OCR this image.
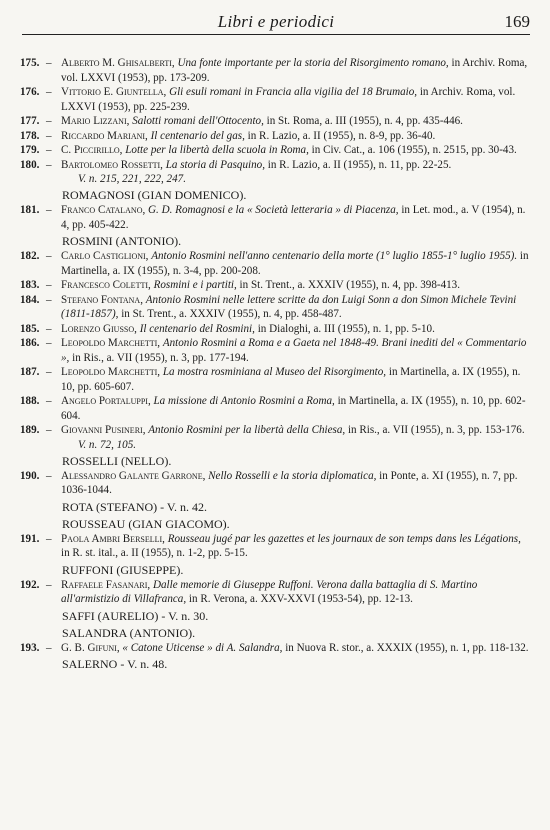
Libri e periodici	169
175. – Alberto M. Ghisalberti, Una fonte importante per la storia del Risorgimento romano, in Archiv. Roma, vol. LXXVI (1953), pp. 173-209.
176. – Vittorio E. Giuntella, Gli esuli romani in Francia alla vigilia del 18 Brumaio, in Archiv. Roma, vol. LXXVI (1953), pp. 225-239.
177. – Mario Lizzani, Salotti romani dell'Ottocento, in St. Roma, a. III (1955), n. 4, pp. 435-446.
178. – Riccardo Mariani, Il centenario del gas, in R. Lazio, a. II (1955), n. 8-9, pp. 36-40.
179. – C. Piccirillo, Lotte per la libertà della scuola in Roma, in Civ. Cat., a. 106 (1955), n. 2515, pp. 30-43.
180. – Bartolomeo Rossetti, La storia di Pasquino, in R. Lazio, a. II (1955), n. 11, pp. 22-25.
V. n. 215, 221, 222, 247.
ROMAGNOSI (GIAN DOMENICO).
181. – Franco Catalano, G. D. Romagnosi e la « Società letteraria » di Piacenza, in Let. mod., a. V (1954), n. 4, pp. 405-422.
ROSMINI (ANTONIO).
182. – Carlo Castiglioni, Antonio Rosmini nell'anno centenario della morte (1° luglio 1855-1° luglio 1955). in Martinella, a. IX (1955), n. 3-4, pp. 200-208.
183. – Francesco Coletti, Rosmini e i partiti, in St. Trent., a. XXXIV (1955), n. 4, pp. 398-413.
184. – Stefano Fontana, Antonio Rosmini nelle lettere scritte da don Luigi Sonn a don Simon Michele Tevini (1811-1857), in St. Trent., a. XXXIV (1955), n. 4, pp. 458-487.
185. – Lorenzo Giusso, Il centenario del Rosmini, in Dialoghi, a. III (1955), n. 1, pp. 5-10.
186. – Leopoldo Marchetti, Antonio Rosmini a Roma e a Gaeta nel 1848-49. Brani inediti del « Commentario », in Ris., a. VII (1955), n. 3, pp. 177-194.
187. – Leopoldo Marchetti, La mostra rosminiana al Museo del Risorgimento, in Martinella, a. IX (1955), n. 10, pp. 605-607.
188. – Angelo Portaluppi, La missione di Antonio Rosmini a Roma, in Martinella, a. IX (1955), n. 10, pp. 602-604.
189. – Giovanni Pusineri, Antonio Rosmini per la libertà della Chiesa, in Ris., a. VII (1955), n. 3, pp. 153-176.
V. n. 72, 105.
ROSSELLI (NELLO).
190. – Alessandro Galante Garrone, Nello Rosselli e la storia diplomatica, in Ponte, a. XI (1955), n. 7, pp. 1036-1044.
ROTA (STEFANO) - V. n. 42.
ROUSSEAU (GIAN GIACOMO).
191. – Paola Ambri Berselli, Rousseau jugé par les gazettes et les journaux de son temps dans les Légations, in R. st. ital., a. II (1955), n. 1-2, pp. 5-15.
RUFFONI (GIUSEPPE).
192. – Raffaele Fasanari, Dalle memorie di Giuseppe Ruffoni. Verona dalla battaglia di S. Martino all'armistizio di Villafranca, in R. Verona, a. XXV-XXVI (1953-54), pp. 12-13.
SAFFI (AURELIO) - V. n. 30.
SALANDRA (ANTONIO).
193. – G. B. Gifuni, « Catone Uticense » di A. Salandra, in Nuova R. stor., a. XXXIX (1955), n. 1, pp. 118-132.
SALERNO - V. n. 48.
